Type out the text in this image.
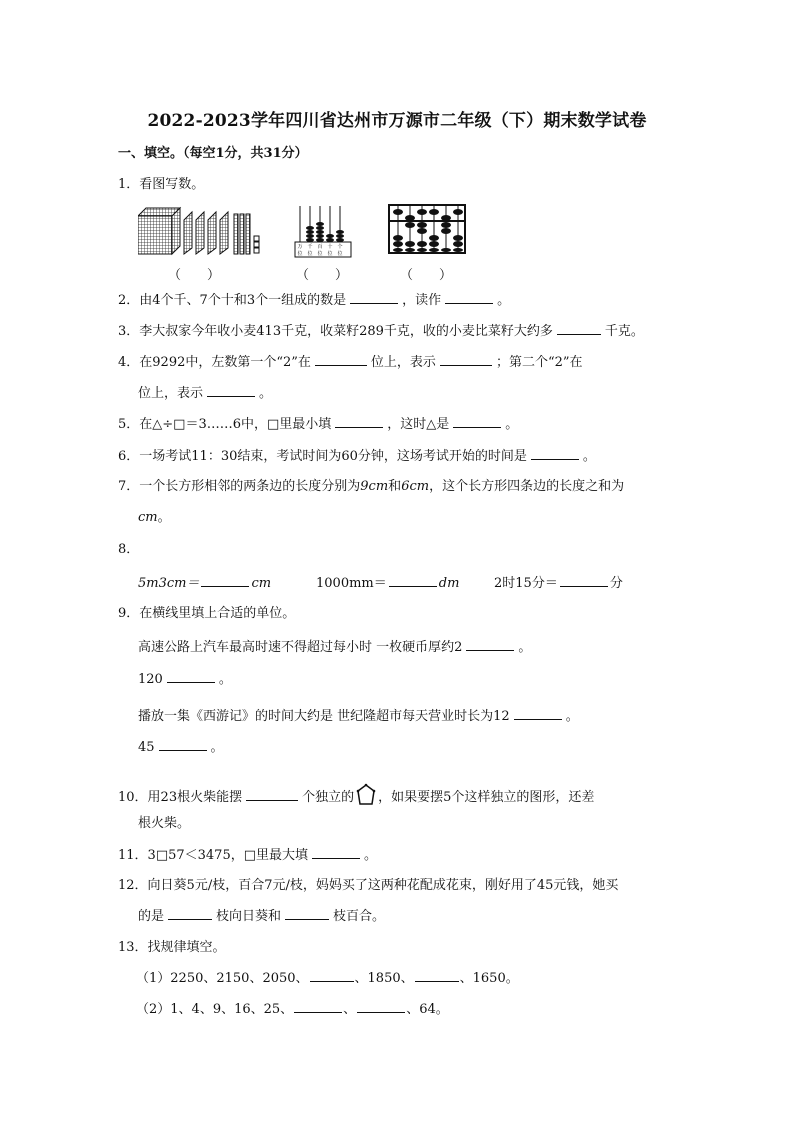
2022-2023学年四川省达州市万源市二年级（下）期末数学试卷
一、填空。（每空1分，共31分）
1．看图写数。
万 千 百 十 个
位 位 位 位 位
（　　）	（　　）	（　　）
2．由4个千、7个十和3个一组成的数是	，读作	。
3．李大叔家今年收小麦413千克，收菜籽289千克，收的小麦比菜籽大约多	千克。
4．在9292中，左数第一个“2”在	位上，表示	；第二个“2”在
位上，表示	。
5．在△÷□＝3……6中，□里最小填	，这时△是	。
6．一场考试11：30结束，考试时间为60分钟，这场考试开始的时间是	。
7．一个长方形相邻的两条边的长度分别为9cm和6cm，这个长方形四条边的长度之和为
cm。
8．
5m3cm＝	cm	1000mm＝	dm	2时15分＝	分
9．在横线里填上合适的单位。
高速公路上汽车最高时速不得超过每小时 一枚硬币厚约2	。
120	。
播放一集《西游记》的时间大约是 世纪隆超市每天营业时长为12	。
45	。
10．用23根火柴能摆	个独立的 ，如果要摆5个这样独立的图形，还差
根火柴。
11．3□57＜3475，□里最大填	。
12．向日葵5元/枝，百合7元/枝，妈妈买了这两种花配成花束，刚好用了45元钱，她买
的是	枝向日葵和	枝百合。
13．找规律填空。
（1）2250、2150、2050、	、1850、	、1650。
（2）1、4、9、16、25、	、	、64。
